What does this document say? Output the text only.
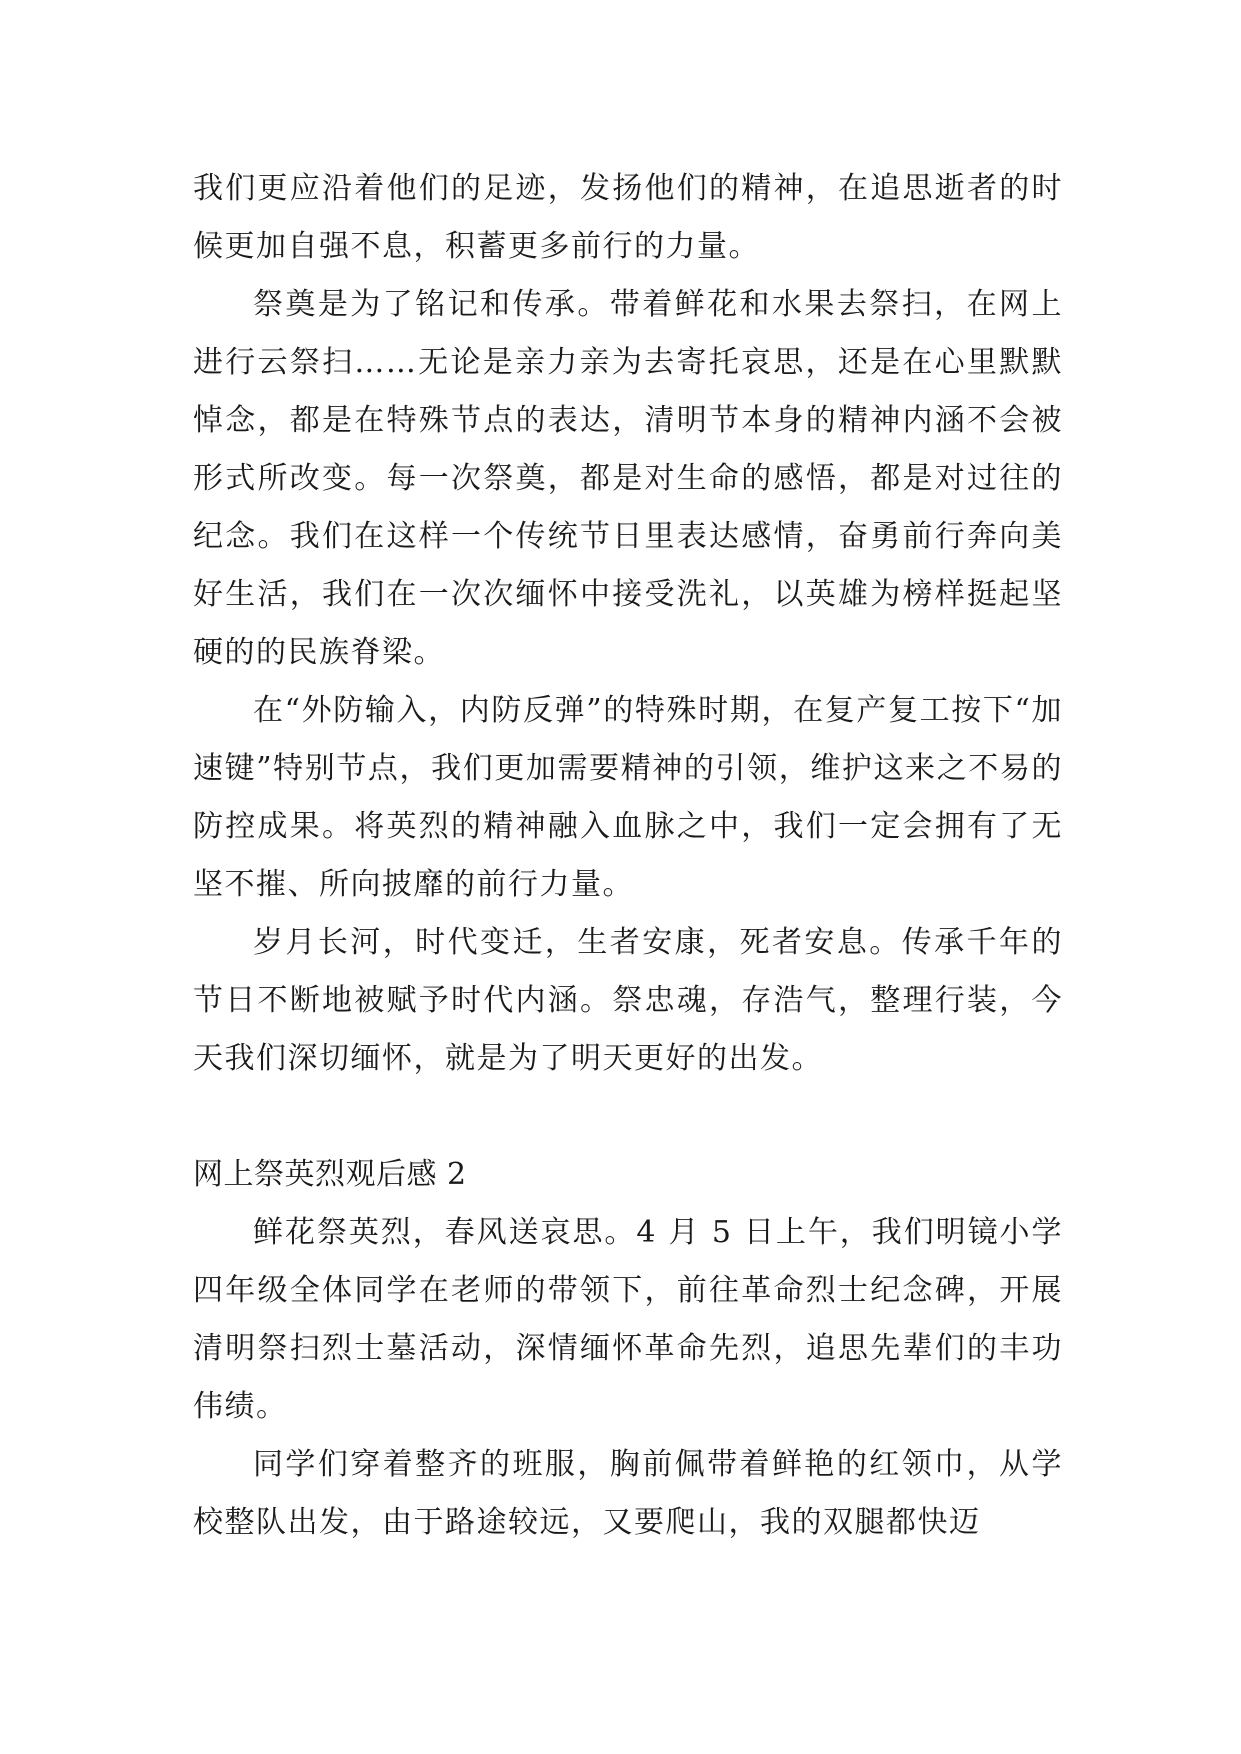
我们更应沿着他们的足迹，发扬他们的精神，在追思逝者的时候更加自强不息，积蓄更多前行的力量。

祭奠是为了铭记和传承。带着鲜花和水果去祭扫，在网上进行云祭扫……无论是亲力亲为去寄托哀思，还是在心里默默悼念，都是在特殊节点的表达，清明节本身的精神内涵不会被形式所改变。每一次祭奠，都是对生命的感悟，都是对过往的纪念。我们在这样一个传统节日里表达感情，奋勇前行奔向美好生活，我们在一次次缅怀中接受洗礼，以英雄为榜样挺起坚硬的的民族脊梁。

在“外防输入，内防反弹”的特殊时期，在复产复工按下“加速键”特别节点，我们更加需要精神的引领，维护这来之不易的防控成果。将英烈的精神融入血脉之中，我们一定会拥有了无坚不摧、所向披靡的前行力量。

岁月长河，时代变迁，生者安康，死者安息。传承千年的节日不断地被赋予时代内涵。祭忠魂，存浩气，整理行装，今天我们深切缅怀，就是为了明天更好的出发。

网上祭英烈观后感 2

鲜花祭英烈，春风送哀思。4 月 5 日上午，我们明镜小学四年级全体同学在老师的带领下，前往革命烈士纪念碑，开展清明祭扫烈士墓活动，深情缅怀革命先烈，追思先辈们的丰功伟绩。

同学们穿着整齐的班服，胸前佩带着鲜艳的红领巾，从学校整队出发，由于路途较远，又要爬山，我的双腿都快迈
